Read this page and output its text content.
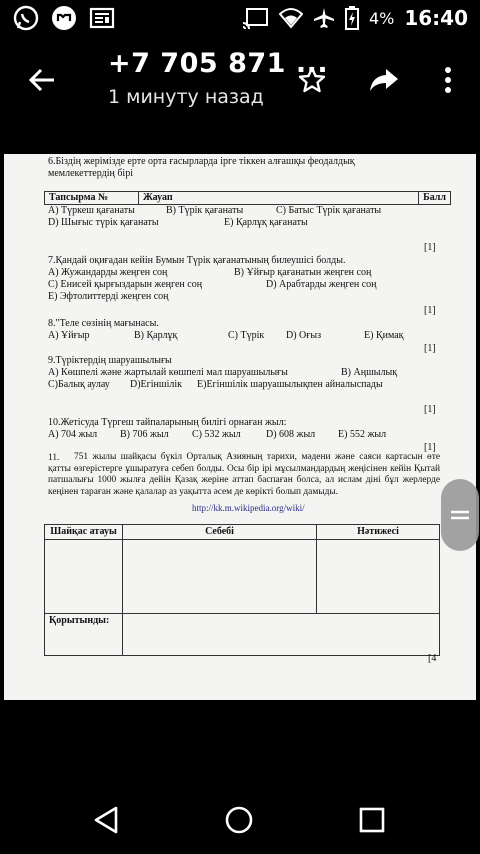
4% 16:40
+7 705 871 ...
1 минуту назад
6.Біздің жерімізде ерте орта ғасырларда іргe тіккен алғашқы феодалдық
мемлекеттердің бірі
Тапсырма №	Жауап	Балл
A) Түркеш қағанаты	B) Түрік қағанаты	C) Батыс Түрік қағанаты
D) Шығыс түрік қағанаты	E) Қарлұқ қағанаты
[1]
7.Қандай оқиғадан кейін Бумын Түрік қағанатының билеушісі болды.
A) Жужандарды жеңген соң	B) Ұйғыр қағанатын жеңген соң
C) Енисей қырғыздарын жеңген соң	D) Арабтарды жеңген соң
E) Эфтолиттерді жеңген соң
[1]
8."Теле сөзінің мағынасы.
A) Ұйғыр	B) Қарлұқ	C) Түрік D) Оғыз	E) Қимақ
[1]
9.Түріктердің шаруашылығы
A) Көшпелі және жартылай көшпелі мал шаруашылығы	B) Аңшылық
C)Балық аулау D)Егіншілік E)Егіншілік шаруашылықпен айналыспады
[1]
10.Жетісуда Түргеш тайпаларының билігі орнаған жыл:
A) 704 жыл B) 706 жыл C) 532 жыл	D) 608 жыл E) 552 жыл
[1]
11.	751 жылы шайқасы бүкіл Орталық Азияның тарихи, мәдени және саяси картасын өте қатты өзгерістерге ұшыратуға себеп болды. Осы бір ірі мұсылмандардың жеңісінен кейін Қытай патшалығы 1000 жылға дейін Қазақ жеріне аттап баспаған болса, ал ислам діні бұл жерлерде кеңінен тараған және қалалар аз уақытта әсем де көрікті болып дамыды.
http://kk.m.wikipedia.org/wiki/
Шайқас атауы	Себебі	Нәтижесі

Қорытынды:		
[4
